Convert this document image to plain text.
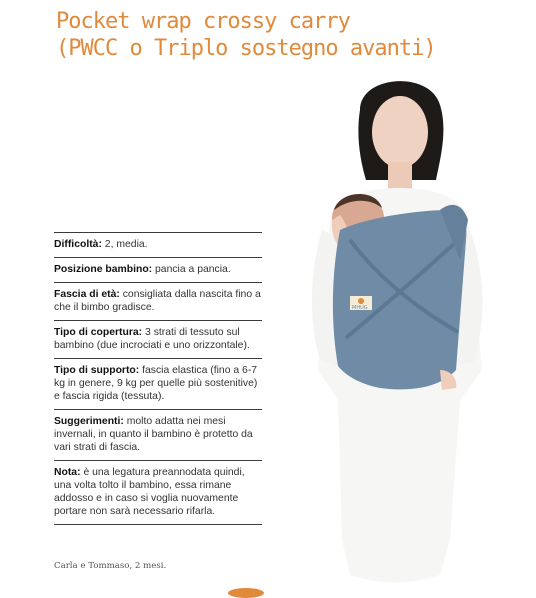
Pocket wrap crossy carry
(PWCC o Triplo sostegno avanti)
MHUG
Difficoltà: 2, media.
Posizione bambino: pancia a pancia.
Fascia di età: consigliata dalla nascita fino a che il bimbo gradisce.
Tipo di copertura: 3 strati di tessuto sul bambino (due incrociati e uno orizzontale).
Tipo di supporto: fascia elastica (fino a 6-7 kg in genere, 9 kg per quelle più sostenitive) e fascia rigida (tessuta).
Suggerimenti: molto adatta nei mesi invernali, in quanto il bambino è protetto da vari strati di fascia.
Nota: è una legatura preannodata quindi, una volta tolto il bambino, essa rimane addosso e in caso si voglia nuovamente portare non sarà necessario rifarla.
Carla e Tommaso, 2 mesi.
